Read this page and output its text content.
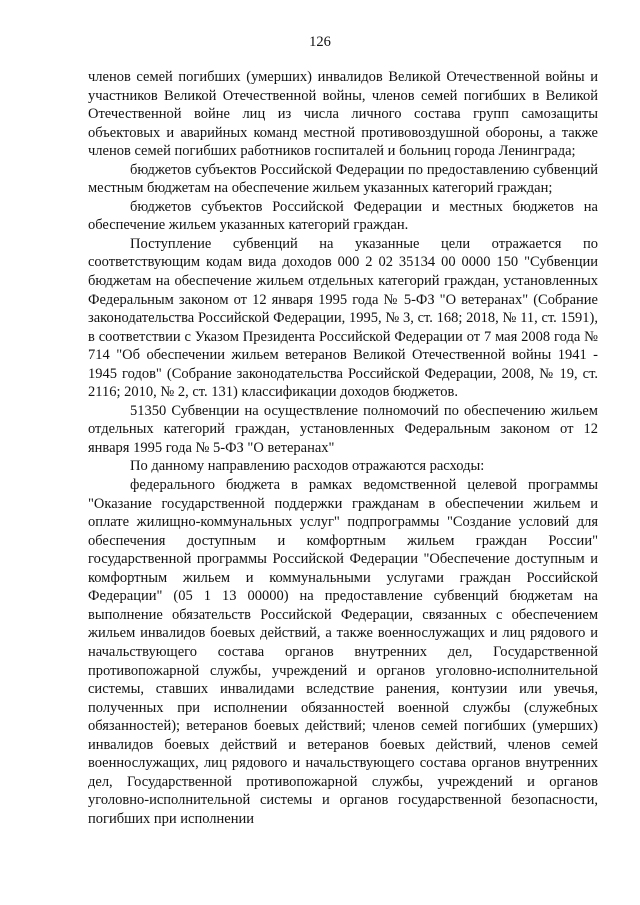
126

членов семей погибших (умерших) инвалидов Великой Отечественной войны и участников Великой Отечественной войны, членов семей погибших в Великой Отечественной войне лиц из числа личного состава групп самозащиты объектовых и аварийных команд местной противовоздушной обороны, а также членов семей погибших работников госпиталей и больниц города Ленинграда;

бюджетов субъектов Российской Федерации по предоставлению субвенций местным бюджетам на обеспечение жильем указанных категорий граждан;

бюджетов субъектов Российской Федерации и местных бюджетов на обеспечение жильем указанных категорий граждан.

Поступление субвенций на указанные цели отражается по соответствующим кодам вида доходов 000 2 02 35134 00 0000 150 "Субвенции бюджетам на обеспечение жильем отдельных категорий граждан, установленных Федеральным законом от 12 января 1995 года № 5-ФЗ "О ветеранах" (Собрание законодательства Российской Федерации, 1995, № 3, ст. 168; 2018, № 11, ст. 1591), в соответствии с Указом Президента Российской Федерации от 7 мая 2008 года № 714 "Об обеспечении жильем ветеранов Великой Отечественной войны 1941 - 1945 годов" (Собрание законодательства Российской Федерации, 2008, № 19, ст. 2116; 2010, № 2, ст. 131) классификации доходов бюджетов.

51350 Субвенции на осуществление полномочий по обеспечению жильем отдельных категорий граждан, установленных Федеральным законом от 12 января 1995 года № 5-ФЗ "О ветеранах"

По данному направлению расходов отражаются расходы:

федерального бюджета в рамках ведомственной целевой программы "Оказание государственной поддержки гражданам в обеспечении жильем и оплате жилищно-коммунальных услуг" подпрограммы "Создание условий для обеспечения доступным и комфортным жильем граждан России" государственной программы Российской Федерации "Обеспечение доступным и комфортным жильем и коммунальными услугами граждан Российской Федерации" (05 1 13 00000) на предоставление субвенций бюджетам на выполнение обязательств Российской Федерации, связанных с обеспечением жильем инвалидов боевых действий, а также военнослужащих и лиц рядового и начальствующего состава органов внутренних дел, Государственной противопожарной службы, учреждений и органов уголовно-исполнительной системы, ставших инвалидами вследствие ранения, контузии или увечья, полученных при исполнении обязанностей военной службы (служебных обязанностей); ветеранов боевых действий; членов семей погибших (умерших) инвалидов боевых действий и ветеранов боевых действий, членов семей военнослужащих, лиц рядового и начальствующего состава органов внутренних дел, Государственной противопожарной службы, учреждений и органов уголовно-исполнительной системы и органов государственной безопасности, погибших при исполнении
